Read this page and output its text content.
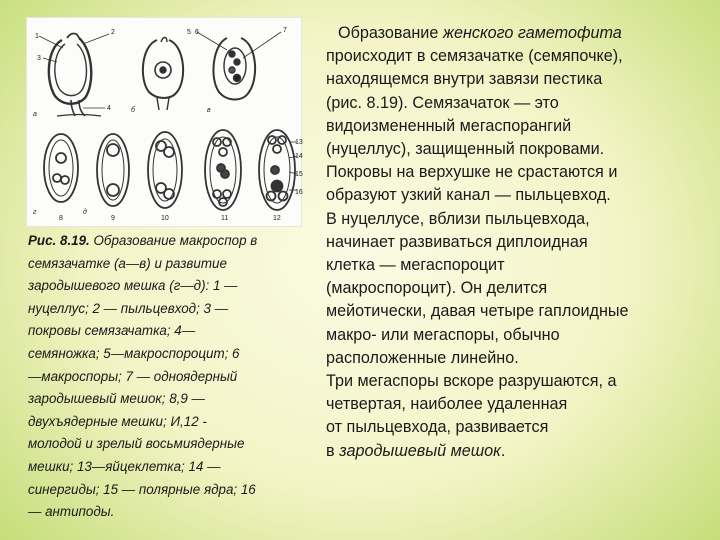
1
3
2
4
5 6	7
13
14
15
16
8	9	10	11	12
а
б	в
г	д
Рис. 8.19. Образование макроспор в
семязачатке (а—в) и развитие
зародышевого мешка (г—д): 1 —
нуцеллус; 2 — пыльцевход; 3 —
покровы семязачатка; 4—
семяножка; 5—макроспороцит; 6
—макроспоры; 7 — одноядерный
зародышевый мешок; 8,9 —
двухъядерные мешки; И,12 -
молодой и зрелый восьмиядерные
мешки; 13—яйцеклетка; 14 —
синергиды; 15 — полярные ядра; 16
— антиподы.
Образование женского гаметофита
происходит в семязачатке (семяпочке),
находящемся внутри завязи пестика
(рис. 8.19). Семязачаток — это
видоизмененный мегаспорангий
(нуцеллус), защищенный покровами.
Покровы на верхушке не срастаются и
образуют узкий канал — пыльцевход.
В нуцеллусе, вблизи пыльцевхода,
начинает развиваться диплоидная
клетка — мегаспороцит
(макроспороцит). Он делится
мейотически, давая четыре гаплоидные
макро- или мегаспоры, обычно
расположенные линейно.
Три мегаспоры вскоре разрушаются, а
четвертая, наиболее удаленная
от пыльцевхода, развивается
в зародышевый мешок.
